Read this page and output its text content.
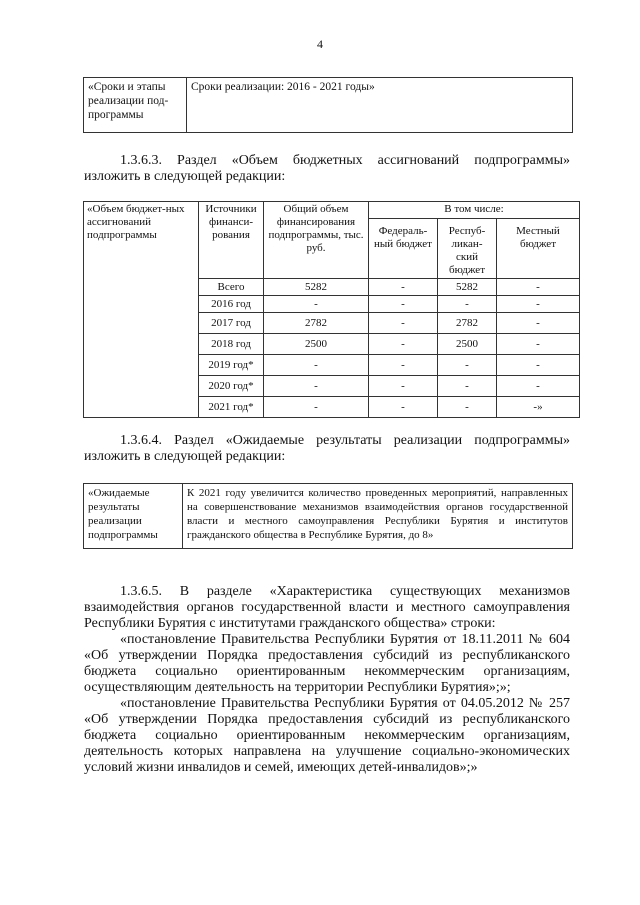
4
«Сроки и этапы реализации под-программы	Сроки реализации: 2016 - 2021 годы»

1.3.6.3. Раздел «Объем бюджетных ассигнований подпрограммы» изложить в следующей редакции:

«Объем бюджет-ных ассигнований подпрограммы	Источники финанси-рования	Общий объем финансирования подпрограммы, тыс. руб.	В том числе:		
			Федераль-ный бюджет	Респуб-ликан-ский бюджет	Местный бюджет
	Всего	5282	-	5282	-
	2016 год	-	-	-	-
	2017 год	2782	-	2782	-
	2018 год	2500	-	2500	-
	2019 год*	-	-	-	-
	2020 год*	-	-	-	-
	2021 год*	-	-	-	-»

1.3.6.4. Раздел «Ожидаемые результаты реализации подпрограммы» изложить в следующей редакции:

«Ожидаемые результаты реализации подпрограммы	К 2021 году увеличится количество проведенных мероприятий, направленных на совершенствование механизмов взаимодействия органов государственной власти и местного самоуправления Республики Бурятия и институтов гражданского общества в Республике Бурятия, до 8»

1.3.6.5. В разделе «Характеристика существующих механизмов взаимодействия органов государственной власти и местного самоуправления Республики Бурятия с институтами гражданского общества» строки:

«постановление Правительства Республики Бурятия от 18.11.2011 № 604 «Об утверждении Порядка предоставления субсидий из республиканского бюджета социально ориентированным некоммерческим организациям, осуществляющим деятельность на территории Республики Бурятия»;»;

«постановление Правительства Республики Бурятия от 04.05.2012 № 257 «Об утверждении Порядка предоставления субсидий из республиканского бюджета социально ориентированным некоммерческим организациям, деятельность которых направлена на улучшение социально-экономических условий жизни инвалидов и семей, имеющих детей-инвалидов»;»
